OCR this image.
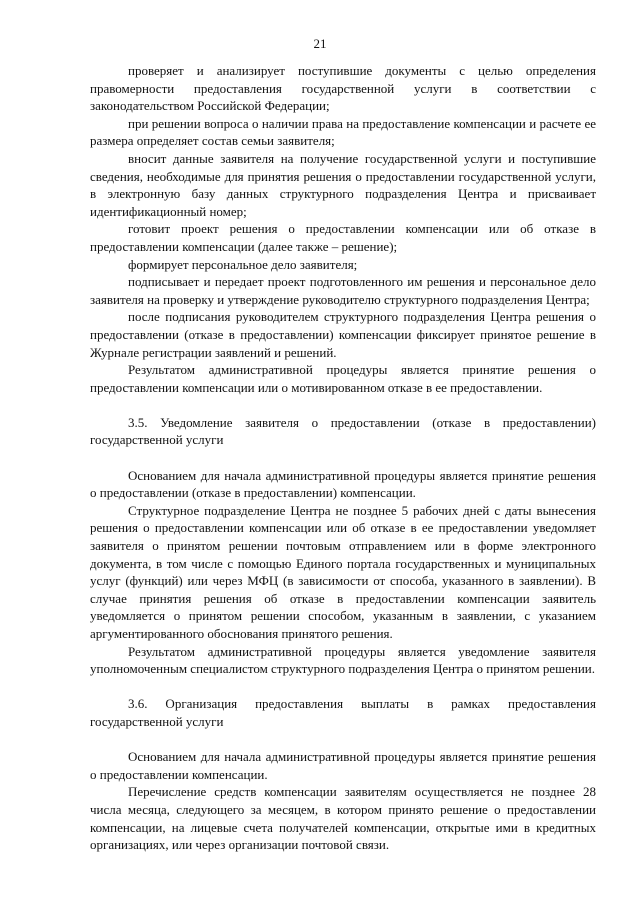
21

проверяет и анализирует поступившие документы с целью определения правомерности предоставления государственной услуги в соответствии с законодательством Российской Федерации;

при решении вопроса о наличии права на предоставление компенсации и расчете ее размера определяет состав семьи заявителя;

вносит данные заявителя на получение государственной услуги и поступившие сведения, необходимые для принятия решения о предоставлении государственной услуги, в электронную базу данных структурного подразделения Центра и присваивает идентификационный номер;

готовит проект решения о предоставлении компенсации или об отказе в предоставлении компенсации (далее также – решение);

формирует персональное дело заявителя;

подписывает и передает проект подготовленного им решения и персональное дело заявителя на проверку и утверждение руководителю структурного подразделения Центра;

после подписания руководителем структурного подразделения Центра решения о предоставлении (отказе в предоставлении) компенсации фиксирует принятое решение в Журнале регистрации заявлений и решений.

Результатом административной процедуры является принятие решения о предоставлении компенсации или о мотивированном отказе в ее предоставлении.

3.5. Уведомление заявителя о предоставлении (отказе в предоставлении) государственной услуги

Основанием для начала административной процедуры является принятие решения о предоставлении (отказе в предоставлении) компенсации.

Структурное подразделение Центра не позднее 5 рабочих дней с даты вынесения решения о предоставлении компенсации или об отказе в ее предоставлении уведомляет заявителя о принятом решении почтовым отправлением или в форме электронного документа, в том числе с помощью Единого портала государственных и муниципальных услуг (функций) или через МФЦ (в зависимости от способа, указанного в заявлении). В случае принятия решения об отказе в предоставлении компенсации заявитель уведомляется о принятом решении способом, указанным в заявлении, с указанием аргументированного обоснования принятого решения.

Результатом административной процедуры является уведомление заявителя уполномоченным специалистом структурного подразделения Центра о принятом решении.

3.6. Организация предоставления выплаты в рамках предоставления государственной услуги

Основанием для начала административной процедуры является принятие решения о предоставлении компенсации.

Перечисление средств компенсации заявителям осуществляется не позднее 28 числа месяца, следующего за месяцем, в котором принято решение о предоставлении компенсации, на лицевые счета получателей компенсации, открытые ими в кредитных организациях, или через организации почтовой связи.
